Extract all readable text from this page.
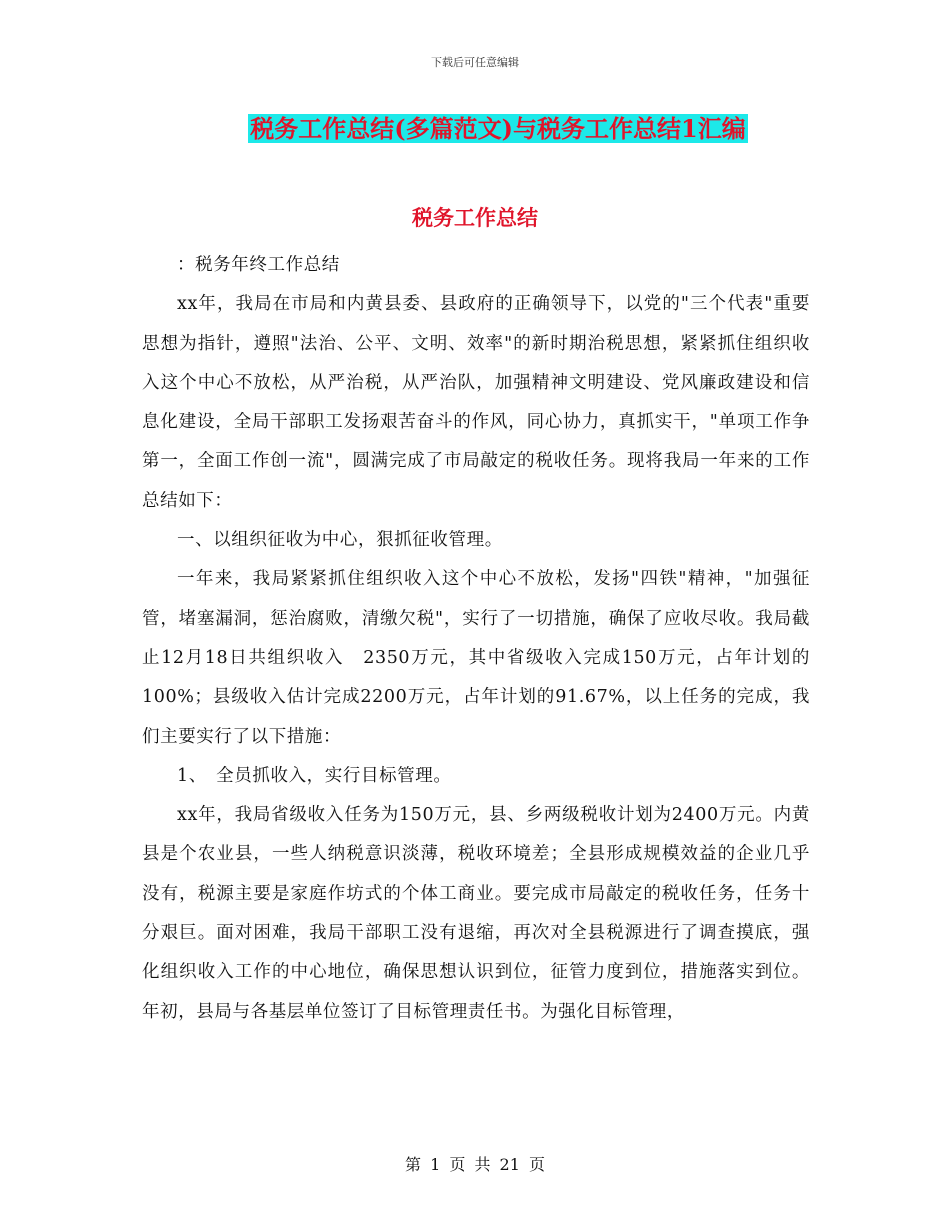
下载后可任意编辑
税务工作总结(多篇范文)与税务工作总结1汇编
税务工作总结

：税务年终工作总结

xx年，我局在市局和内黄县委、县政府的正确领导下，以党的"三个代表"重要思想为指针，遵照"法治、公平、文明、效率"的新时期治税思想，紧紧抓住组织收入这个中心不放松，从严治税，从严治队，加强精神文明建设、党风廉政建设和信息化建设，全局干部职工发扬艰苦奋斗的作风，同心协力，真抓实干，"单项工作争第一，全面工作创一流"，圆满完成了市局敲定的税收任务。现将我局一年来的工作总结如下：

一、以组织征收为中心，狠抓征收管理。

一年来，我局紧紧抓住组织收入这个中心不放松，发扬"四铁"精神，"加强征管，堵塞漏洞，惩治腐败，清缴欠税"，实行了一切措施，确保了应收尽收。我局截止12月18日共组织收入　2350万元，其中省级收入完成150万元，占年计划的100%；县级收入估计完成2200万元，占年计划的91.67%，以上任务的完成，我们主要实行了以下措施：

1、　全员抓收入，实行目标管理。

xx年，我局省级收入任务为150万元，县、乡两级税收计划为2400万元。内黄县是个农业县，一些人纳税意识淡薄，税收环境差；全县形成规模效益的企业几乎没有，税源主要是家庭作坊式的个体工商业。要完成市局敲定的税收任务，任务十分艰巨。面对困难，我局干部职工没有退缩，再次对全县税源进行了调查摸底，强化组织收入工作的中心地位，确保思想认识到位，征管力度到位，措施落实到位。年初，县局与各基层单位签订了目标管理责任书。为强化目标管理，

第 1 页 共 21 页
